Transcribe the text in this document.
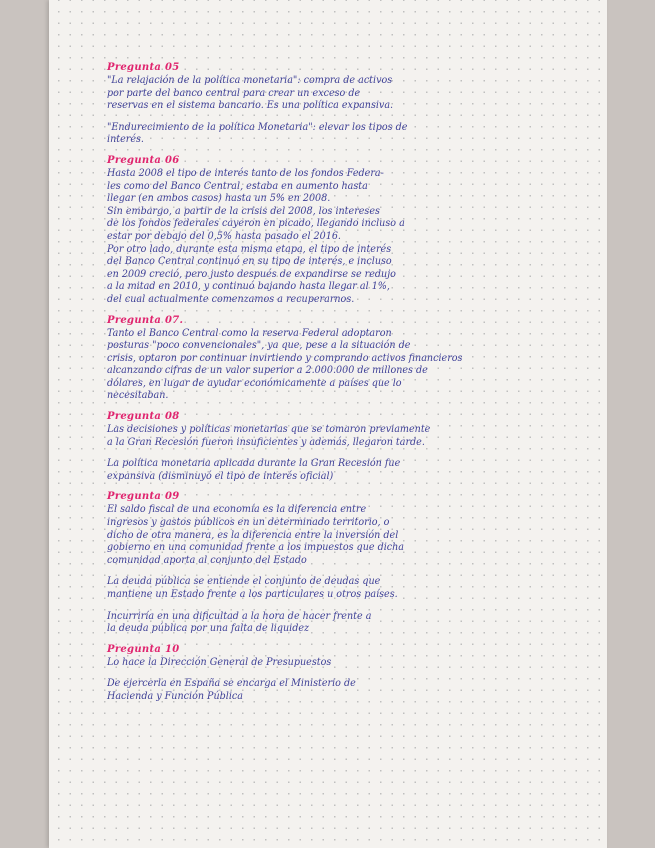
Pregunta 05
"La relajación de la política monetaria": compra de activos
por parte del banco central para crear un exceso de
reservas en el sistema bancario. Es una política expansiva.
"Endurecimiento de la política Monetaria": elevar los tipos de
interés.
Pregunta 06
Hasta 2008 el tipo de interés tanto de los fondos Federa-
les como del Banco Central, estaba en aumento hasta
llegar (en ambos casos) hasta un 5% en 2008.
Sin embargo, a partir de la crisis del 2008, los intereses
de los fondos federales cayeron en picado, llegando incluso a
estar por debajo del 0,5% hasta pasado el 2016.
Por otro lado, durante esta misma etapa, el tipo de interés
del Banco Central continuó en su tipo de interés, e incluso
en 2009 creció, pero justo después de expandirse se redujo
a la mitad en 2010, y continuó bajando hasta llegar al 1%,
del cual actualmente comenzamos a recuperarnos.
Pregunta 07.
Tanto el Banco Central como la reserva Federal adoptaron
posturas "poco convencionales", ya que, pese a la situación de
crisis, optaron por continuar invirtiendo y comprando activos financieros
alcanzando cifras de un valor superior a 2.000.000 de millones de
dólares, en lugar de ayudar económicamente a países que lo
necesitaban.
Pregunta 08
Las decisiones y políticas monetarias que se tomaron previamente
a la Gran Recesión fueron insuficientes y además, llegaron tarde.
La política monetaria aplicada durante la Gran Recesión fue
expansiva (disminuyó el tipo de interés oficial)
Pregunta 09
El saldo fiscal de una economía es la diferencia entre
ingresos y gastos públicos en un determinado territorio, o
dicho de otra manera, es la diferencia entre la inversión del
gobierno en una comunidad frente a los impuestos que dicha
comunidad aporta al conjunto del Estado
La deuda pública se entiende el conjunto de deudas que
mantiene un Estado frente a los particulares u otros países.
Incurriría en una dificultad a la hora de hacer frente a
la deuda pública por una falta de liquidez
Pregunta 10
Lo hace la Dirección General de Presupuestos
De ejercerla en España se encarga el Ministerio de
Hacienda y Función Pública
